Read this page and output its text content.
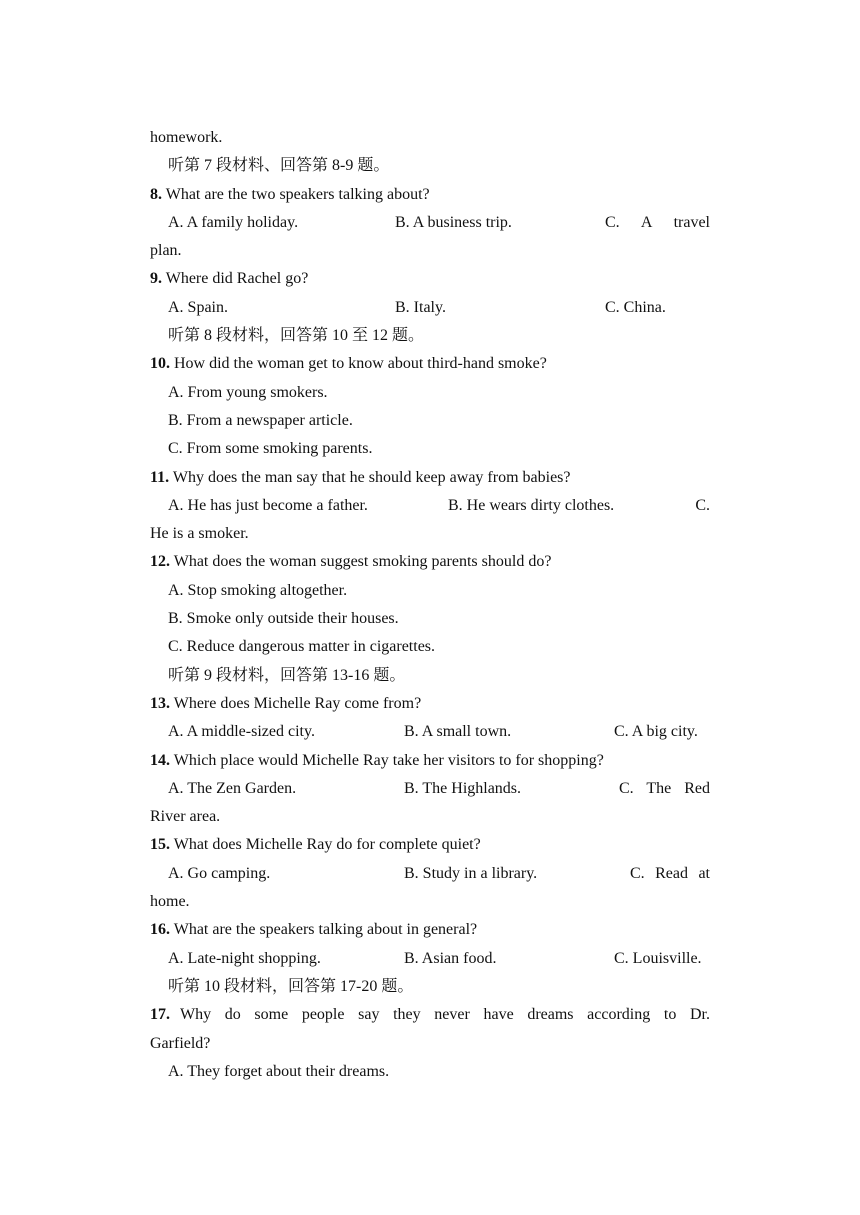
homework.
听第 7 段材料、回答第 8-9 题。
8. What are the two speakers talking about?
A. A family holiday.	B. A business trip.	C.  A  travel
plan.
9. Where did Rachel go?
A. Spain.	B. Italy.	C. China.
听第 8 段材料，回答第 10 至 12 题。
10. How did the woman get to know about third-hand smoke?
A. From young smokers.
B. From a newspaper article.
C. From some smoking parents.
11. Why does the man say that he should keep away from babies?
A. He has just become a father.	B. He wears dirty clothes.	C.
He is a smoker.
12. What does the woman suggest smoking parents should do?
A. Stop smoking altogether.
B. Smoke only outside their houses.
C. Reduce dangerous matter in cigarettes.
听第 9 段材料，回答第 13-16 题。
13. Where does Michelle Ray come from?
A. A middle-sized city.	B. A small town.	C. A big city.
14. Which place would Michelle Ray take her visitors to for shopping?
A. The Zen Garden.	B. The Highlands.	C.  The  Red
River area.
15. What does Michelle Ray do for complete quiet?
A. Go camping.	B. Study in a library.	C.  Read  at
home.
16. What are the speakers talking about in general?
A. Late-night shopping.	B. Asian food.	C. Louisville.
听第 10 段材料，回答第 17-20 题。
17. Why do some people say they never have dreams according to Dr.
Garfield?
A. They forget about their dreams.
